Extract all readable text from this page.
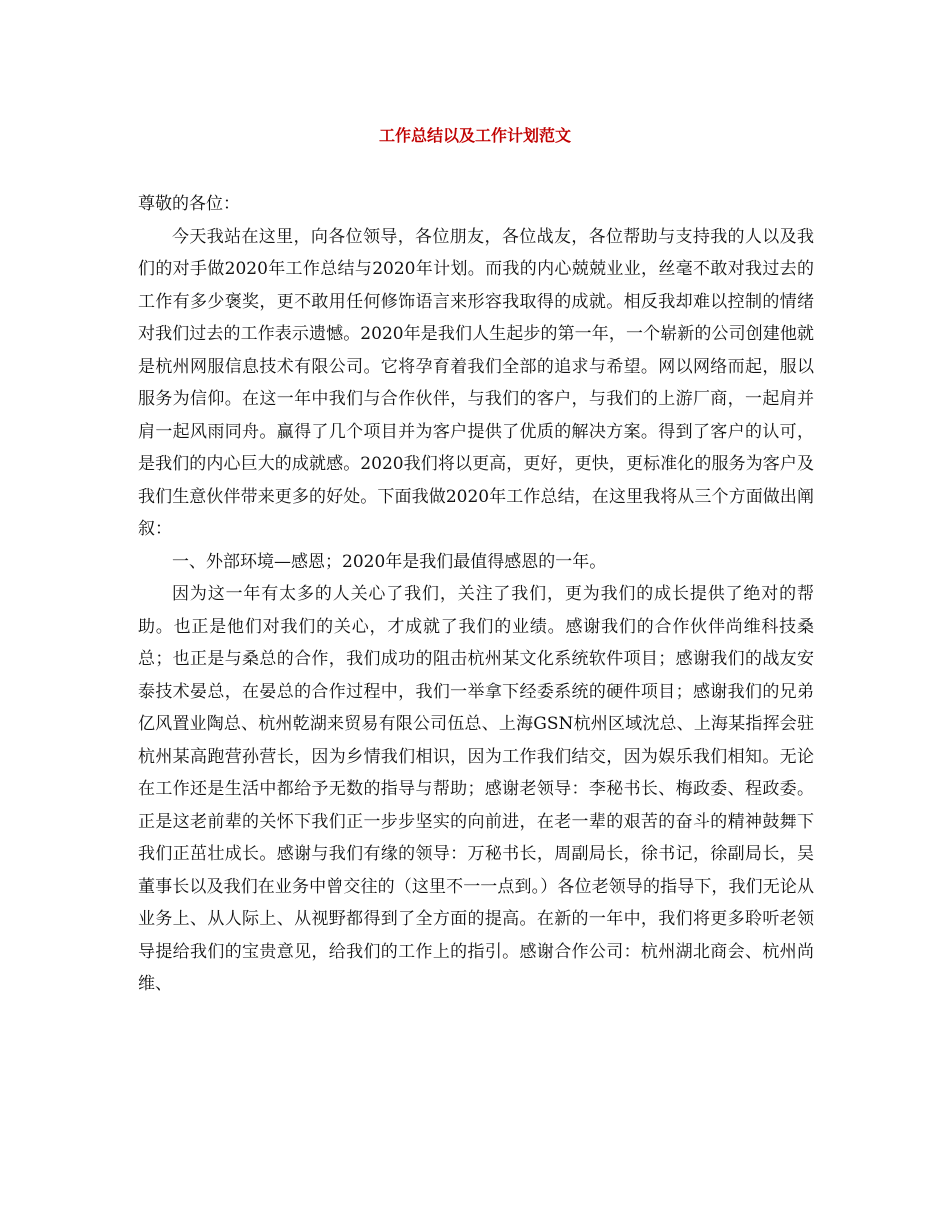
工作总结以及工作计划范文

尊敬的各位：

今天我站在这里，向各位领导，各位朋友，各位战友，各位帮助与支持我的人以及我们的对手做2020年工作总结与2020年计划。而我的内心兢兢业业，丝毫不敢对我过去的工作有多少褒奖，更不敢用任何修饰语言来形容我取得的成就。相反我却难以控制的情绪对我们过去的工作表示遗憾。2020年是我们人生起步的第一年，一个崭新的公司创建他就是杭州网服信息技术有限公司。它将孕育着我们全部的追求与希望。网以网络而起，服以服务为信仰。在这一年中我们与合作伙伴，与我们的客户，与我们的上游厂商，一起肩并肩一起风雨同舟。赢得了几个项目并为客户提供了优质的解决方案。得到了客户的认可，是我们的内心巨大的成就感。2020我们将以更高，更好，更快，更标准化的服务为客户及我们生意伙伴带来更多的好处。下面我做2020年工作总结，在这里我将从三个方面做出阐叙：

一、外部环境—感恩；2020年是我们最值得感恩的一年。

因为这一年有太多的人关心了我们，关注了我们，更为我们的成长提供了绝对的帮助。也正是他们对我们的关心，才成就了我们的业绩。感谢我们的合作伙伴尚维科技桑总；也正是与桑总的合作，我们成功的阻击杭州某文化系统软件项目；感谢我们的战友安泰技术晏总，在晏总的合作过程中，我们一举拿下经委系统的硬件项目；感谢我们的兄弟亿风置业陶总、杭州乾湖来贸易有限公司伍总、上海GSN杭州区域沈总、上海某指挥会驻杭州某高跑营孙营长，因为乡情我们相识，因为工作我们结交，因为娱乐我们相知。无论在工作还是生活中都给予无数的指导与帮助；感谢老领导：李秘书长、梅政委、程政委。正是这老前辈的关怀下我们正一步步坚实的向前进，在老一辈的艰苦的奋斗的精神鼓舞下我们正茁壮成长。感谢与我们有缘的领导：万秘书长，周副局长，徐书记，徐副局长，吴董事长以及我们在业务中曾交往的（这里不一一点到。）各位老领导的指导下，我们无论从业务上、从人际上、从视野都得到了全方面的提高。在新的一年中，我们将更多聆听老领导提给我们的宝贵意见，给我们的工作上的指引。感谢合作公司：杭州湖北商会、杭州尚维、
